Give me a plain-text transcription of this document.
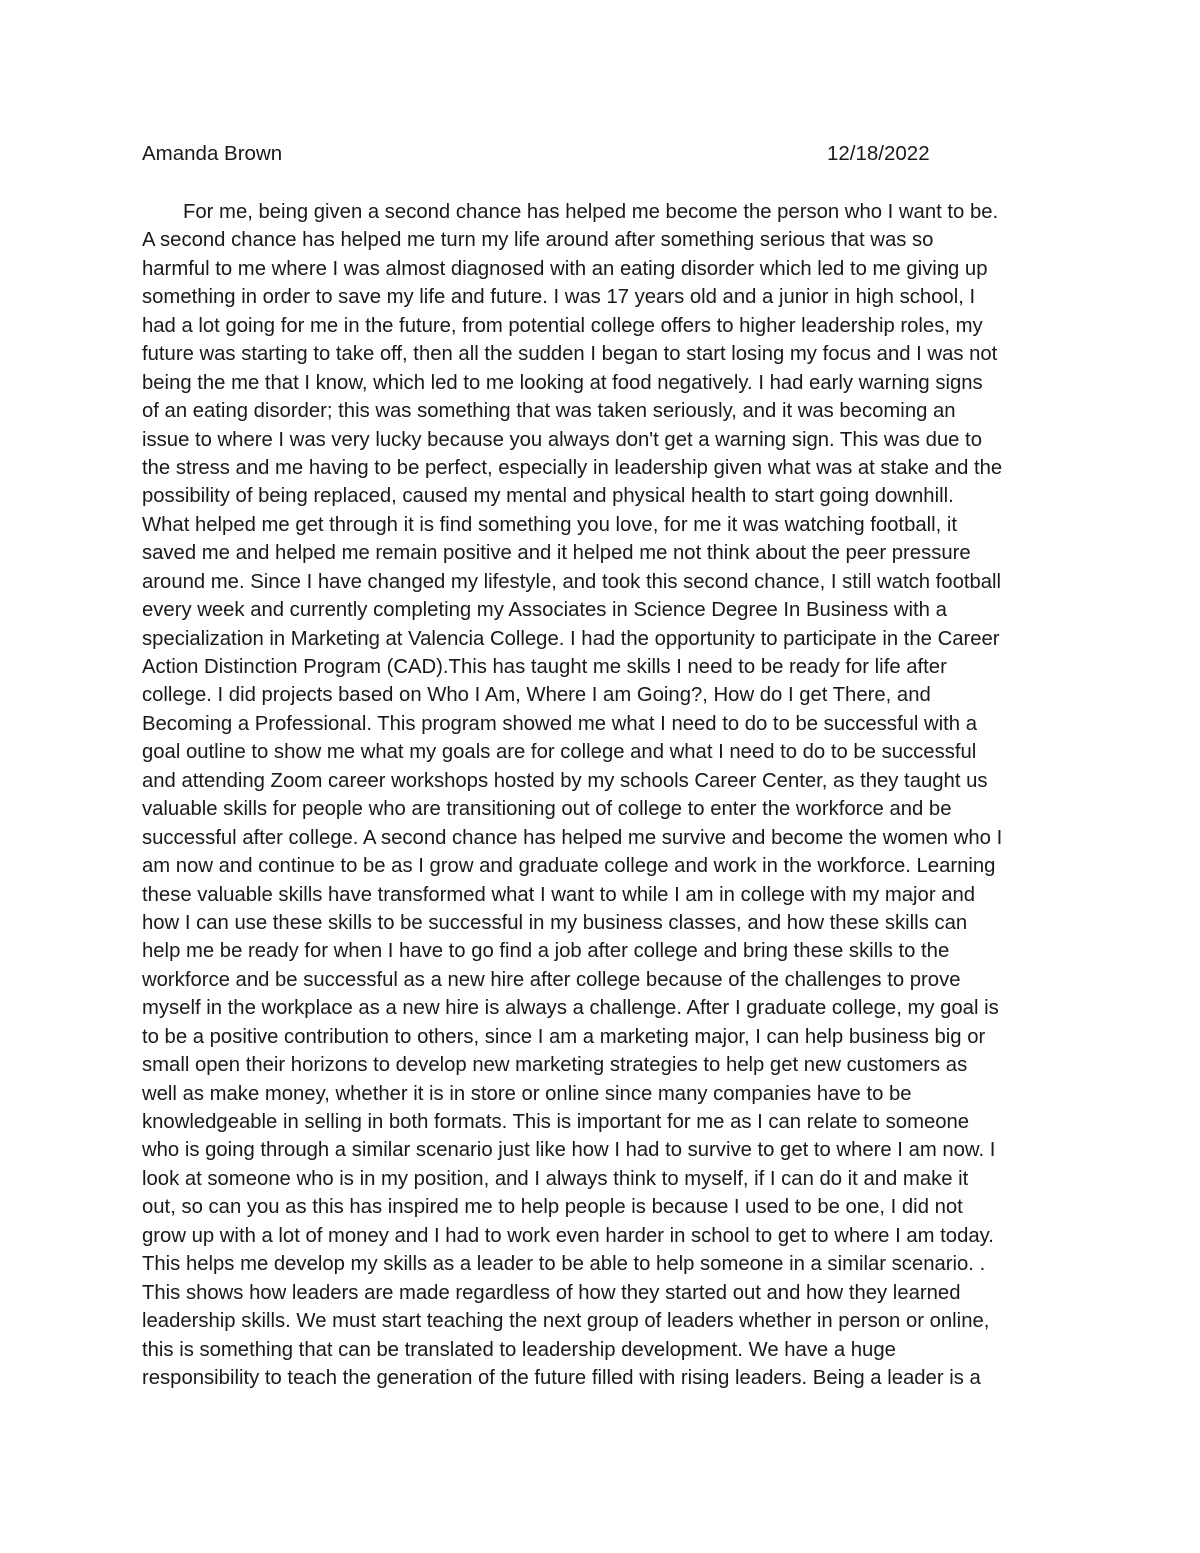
Amanda Brown	12/18/2022
For me, being given a second chance has helped me become the person who I want to be.
A second chance has helped me turn my life around after something serious that was so
harmful to me where I was almost diagnosed with an eating disorder which led to me giving up
something in order to save my life and future. I was 17 years old and a junior in high school, I
had a lot going for me in the future, from potential college offers to higher leadership roles, my
future was starting to take off, then all the sudden I began to start losing my focus and I was not
being the me that I know, which led to me looking at food negatively. I had early warning signs
of an eating disorder; this was something that was taken seriously, and it was becoming an
issue to where I was very lucky because you always don't get a warning sign. This was due to
the stress and me having to be perfect, especially in leadership given what was at stake and the
possibility of being replaced, caused my mental and physical health to start going downhill.
What helped me get through it is find something you love, for me it was watching football, it
saved me and helped me remain positive and it helped me not think about the peer pressure
around me. Since I have changed my lifestyle, and took this second chance, I still watch football
every week and currently completing my Associates in Science Degree In Business with a
specialization in Marketing at Valencia College. I had the opportunity to participate in the Career
Action Distinction Program (CAD).This has taught me skills I need to be ready for life after
college. I did projects based on Who I Am, Where I am Going?, How do I get There, and
Becoming a Professional. This program showed me what I need to do to be successful with a
goal outline to show me what my goals are for college and what I need to do to be successful
and attending Zoom career workshops hosted by my schools Career Center, as they taught us
valuable skills for people who are transitioning out of college to enter the workforce and be
successful after college. A second chance has helped me survive and become the women who I
am now and continue to be as I grow and graduate college and work in the workforce. Learning
these valuable skills have transformed what I want to while I am in college with my major and
how I can use these skills to be successful in my business classes, and how these skills can
help me be ready for when I have to go find a job after college and bring these skills to the
workforce and be successful as a new hire after college because of the challenges to prove
myself in the workplace as a new hire is always a challenge. After I graduate college, my goal is
to be a positive contribution to others, since I am a marketing major, I can help business big or
small open their horizons to develop new marketing strategies to help get new customers as
well as make money, whether it is in store or online since many companies have to be
knowledgeable in selling in both formats. This is important for me as I can relate to someone
who is going through a similar scenario just like how I had to survive to get to where I am now. I
look at someone who is in my position, and I always think to myself, if I can do it and make it
out, so can you as this has inspired me to help people is because I used to be one, I did not
grow up with a lot of money and I had to work even harder in school to get to where I am today.
This helps me develop my skills as a leader to be able to help someone in a similar scenario. .
This shows how leaders are made regardless of how they started out and how they learned
leadership skills. We must start teaching the next group of leaders whether in person or online,
this is something that can be translated to leadership development. We have a huge
responsibility to teach the generation of the future filled with rising leaders. Being a leader is a
